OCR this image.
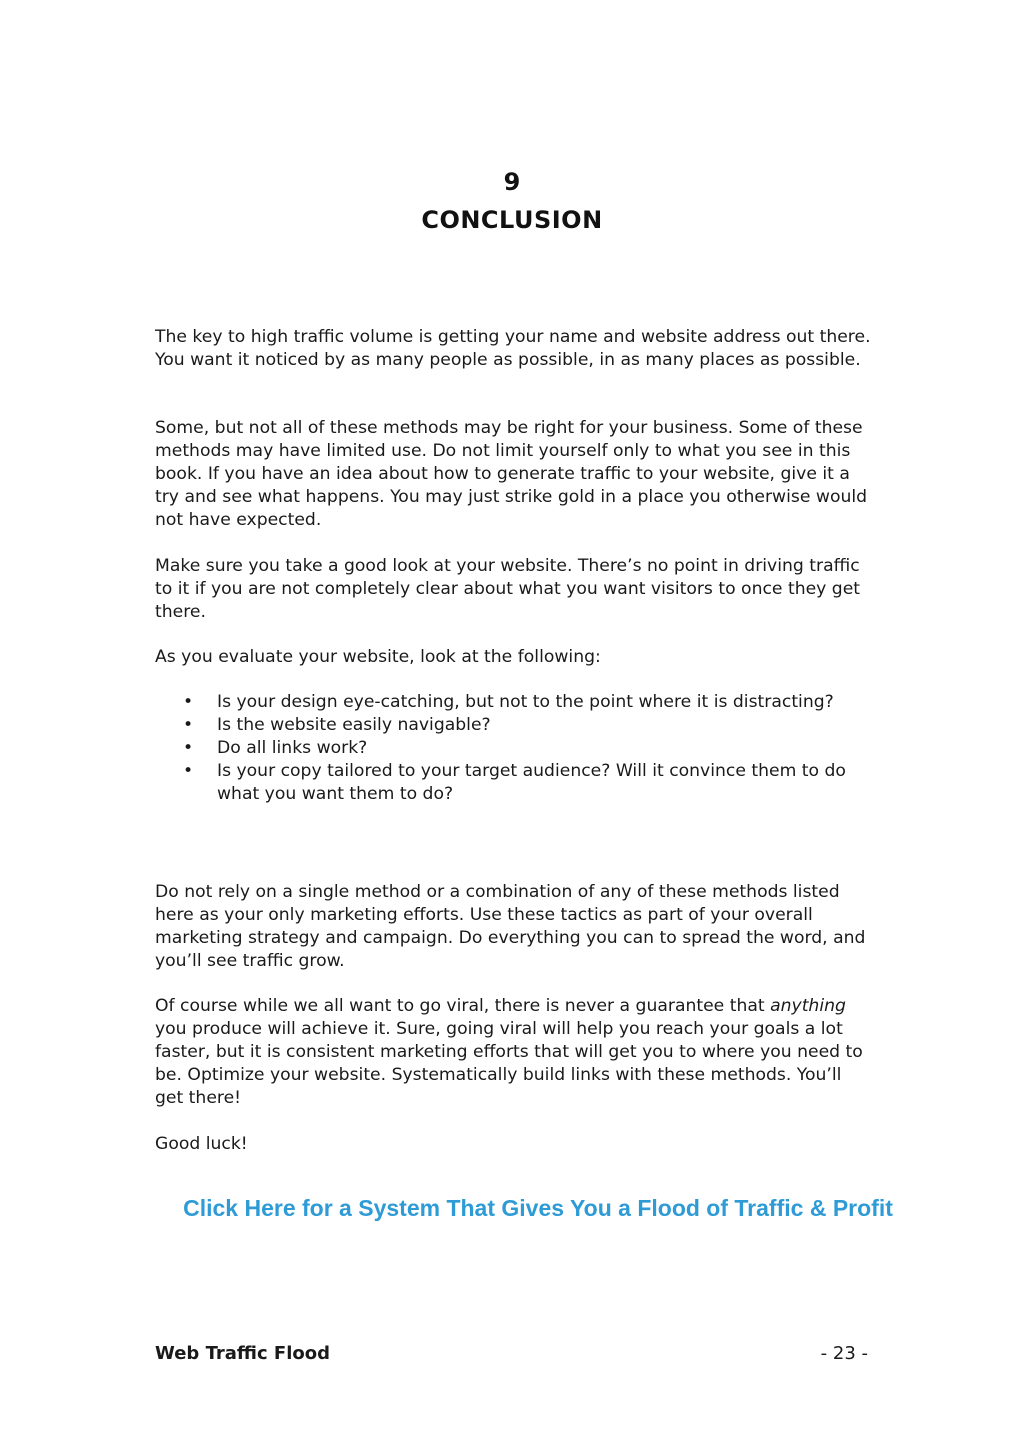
9
CONCLUSION

The key to high traffic volume is getting your name and website address out there. You want it noticed by as many people as possible, in as many places as possible.

Some, but not all of these methods may be right for your business. Some of these methods may have limited use. Do not limit yourself only to what you see in this book. If you have an idea about how to generate traffic to your website, give it a try and see what happens. You may just strike gold in a place you otherwise would not have expected.

Make sure you take a good look at your website. There’s no point in driving traffic to it if you are not completely clear about what you want visitors to once they get there.

As you evaluate your website, look at the following:

• Is your design eye-catching, but not to the point where it is distracting?
• Is the website easily navigable?
• Do all links work?
• Is your copy tailored to your target audience? Will it convince them to do what you want them to do?

Do not rely on a single method or a combination of any of these methods listed here as your only marketing efforts. Use these tactics as part of your overall marketing strategy and campaign. Do everything you can to spread the word, and you’ll see traffic grow.

Of course while we all want to go viral, there is never a guarantee that anything you produce will achieve it. Sure, going viral will help you reach your goals a lot faster, but it is consistent marketing efforts that will get you to where you need to be. Optimize your website. Systematically build links with these methods. You’ll get there!

Good luck!

Click Here for a System That Gives You a Flood of Traffic & Profit
Web Traffic Flood	- 23 -
